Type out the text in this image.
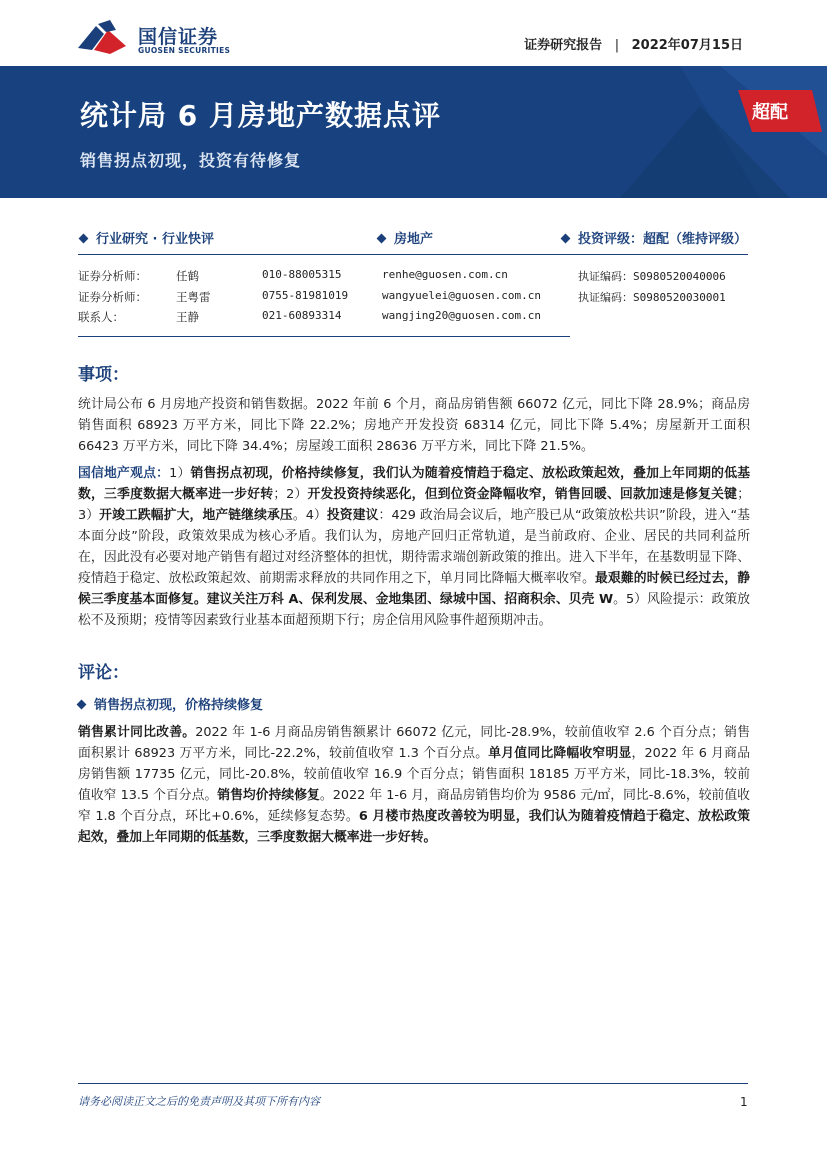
国信证券
GUOSEN SECURITIES	证券研究报告 | 2022年07月15日
统计局 6 月房地产数据点评
销售拐点初现，投资有待修复
超配
行业研究 · 行业快评	房地产	投资评级：超配（维持评级）
证券分析师：	任鹤	010-88005315	renhe@guosen.com.cn	执证编码：S0980520040006
证券分析师：	王粤雷	0755-81981019	wangyuelei@guosen.com.cn	执证编码：S0980520030001
联系人：	王静	021-60893314	wangjing20@guosen.com.cn
事项：

统计局公布 6 月房地产投资和销售数据。2022 年前 6 个月，商品房销售额 66072 亿元，同比下降 28.9%；商品房销售面积 68923 万平方米，同比下降 22.2%；房地产开发投资 68314 亿元，同比下降 5.4%；房屋新开工面积 66423 万平方米，同比下降 34.4%；房屋竣工面积 28636 万平方米，同比下降 21.5%。

国信地产观点：1）销售拐点初现，价格持续修复，我们认为随着疫情趋于稳定、放松政策起效，叠加上年同期的低基数，三季度数据大概率进一步好转；2）开发投资持续恶化，但到位资金降幅收窄，销售回暖、回款加速是修复关键；3）开竣工跌幅扩大，地产链继续承压。4）投资建议：429 政治局会议后，地产股已从“政策放松共识”阶段，进入“基本面分歧”阶段，政策效果成为核心矛盾。我们认为，房地产回归正常轨道，是当前政府、企业、居民的共同利益所在，因此没有必要对地产销售有超过对经济整体的担忧，期待需求端创新政策的推出。进入下半年，在基数明显下降、疫情趋于稳定、放松政策起效、前期需求释放的共同作用之下，单月同比降幅大概率收窄。最艰難的时候已经过去，静候三季度基本面修复。建议关注万科 A、保利发展、金地集团、绿城中国、招商积余、贝壳 W。5）风险提示：政策放松不及预期；疫情等因素致行业基本面超预期下行；房企信用风险事件超预期冲击。

评论：
销售拐点初现，价格持续修复

销售累计同比改善。2022 年 1-6 月商品房销售额累计 66072 亿元，同比-28.9%，较前值收窄 2.6 个百分点；销售面积累计 68923 万平方米，同比-22.2%，较前值收窄 1.3 个百分点。单月值同比降幅收窄明显，2022 年 6 月商品房销售额 17735 亿元，同比-20.8%，较前值收窄 16.9 个百分点；销售面积 18185 万平方米，同比-18.3%，较前值收窄 13.5 个百分点。销售均价持续修复。2022 年 1-6 月，商品房销售均价为 9586 元/㎡，同比-8.6%，较前值收窄 1.8 个百分点，环比+0.6%，延续修复态势。6 月楼市热度改善较为明显，我们认为随着疫情趋于稳定、放松政策起效，叠加上年同期的低基数，三季度数据大概率进一步好转。

请务必阅读正文之后的免责声明及其项下所有内容	1
